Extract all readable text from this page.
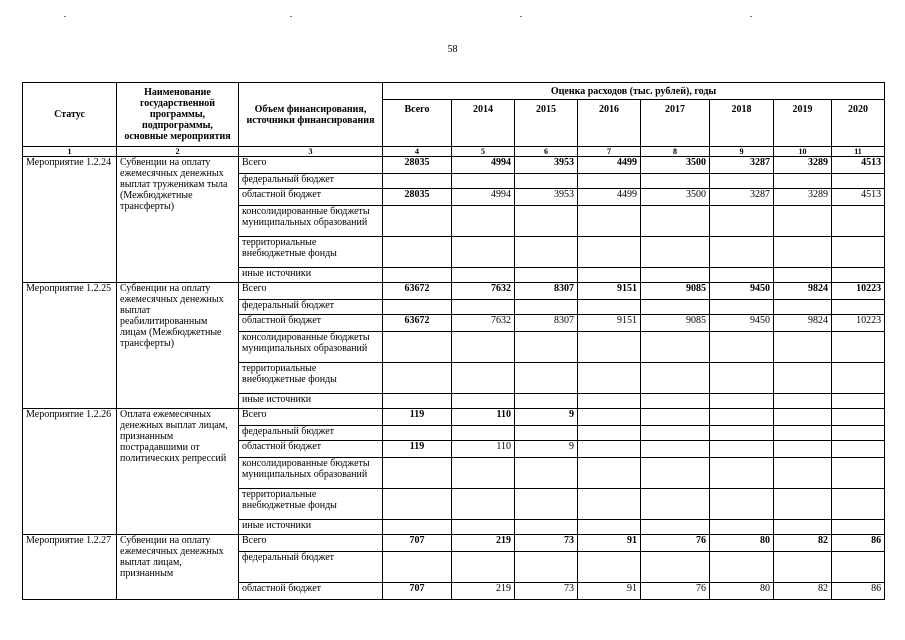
58
Статус	Наименование государственной программы, подпрограммы, основные мероприятия	Объем финансирования, источники финансирования	Оценка расходов (тыс. рублей), годы							
			Всего	2014	2015	2016	2017	2018	2019	2020
1	2	3	4	5	6	7	8	9	10	11
Мероприятие 1.2.24	Субвенции на оплату ежемесячных денежных выплат труженикам тыла (Межбюджетные трансферты)	Всего	28035	4994	3953	4499	3500	3287	3289	4513
		федеральный бюджет								
		областной бюджет	28035	4994	3953	4499	3500	3287	3289	4513
		консолидированные бюджеты муниципальных образований								
		территориальные внебюджетные фонды								
		иные источники								
Мероприятие 1.2.25	Субвенции на оплату ежемесячных денежных выплат реабилитированным лицам (Межбюджетные трансферты)	Всего	63672	7632	8307	9151	9085	9450	9824	10223
		федеральный бюджет								
		областной бюджет	63672	7632	8307	9151	9085	9450	9824	10223
		консолидированные бюджеты муниципальных образований								
		территориальные внебюджетные фонды								
		иные источники								
Мероприятие 1.2.26	Оплата ежемесячных денежных выплат лицам, признанным пострадавшими от политических репрессий	Всего	119	110	9					
		федеральный бюджет								
		областной бюджет	119	110	9					
		консолидированные бюджеты муниципальных образований								
		территориальные внебюджетные фонды								
		иные источники								
Мероприятие 1.2.27	Субвенции на оплату ежемесячных денежных выплат лицам, признанным	Всего	707	219	73	91	76	80	82	86
		федеральный бюджет								
		областной бюджет	707	219	73	91	76	80	82	86
